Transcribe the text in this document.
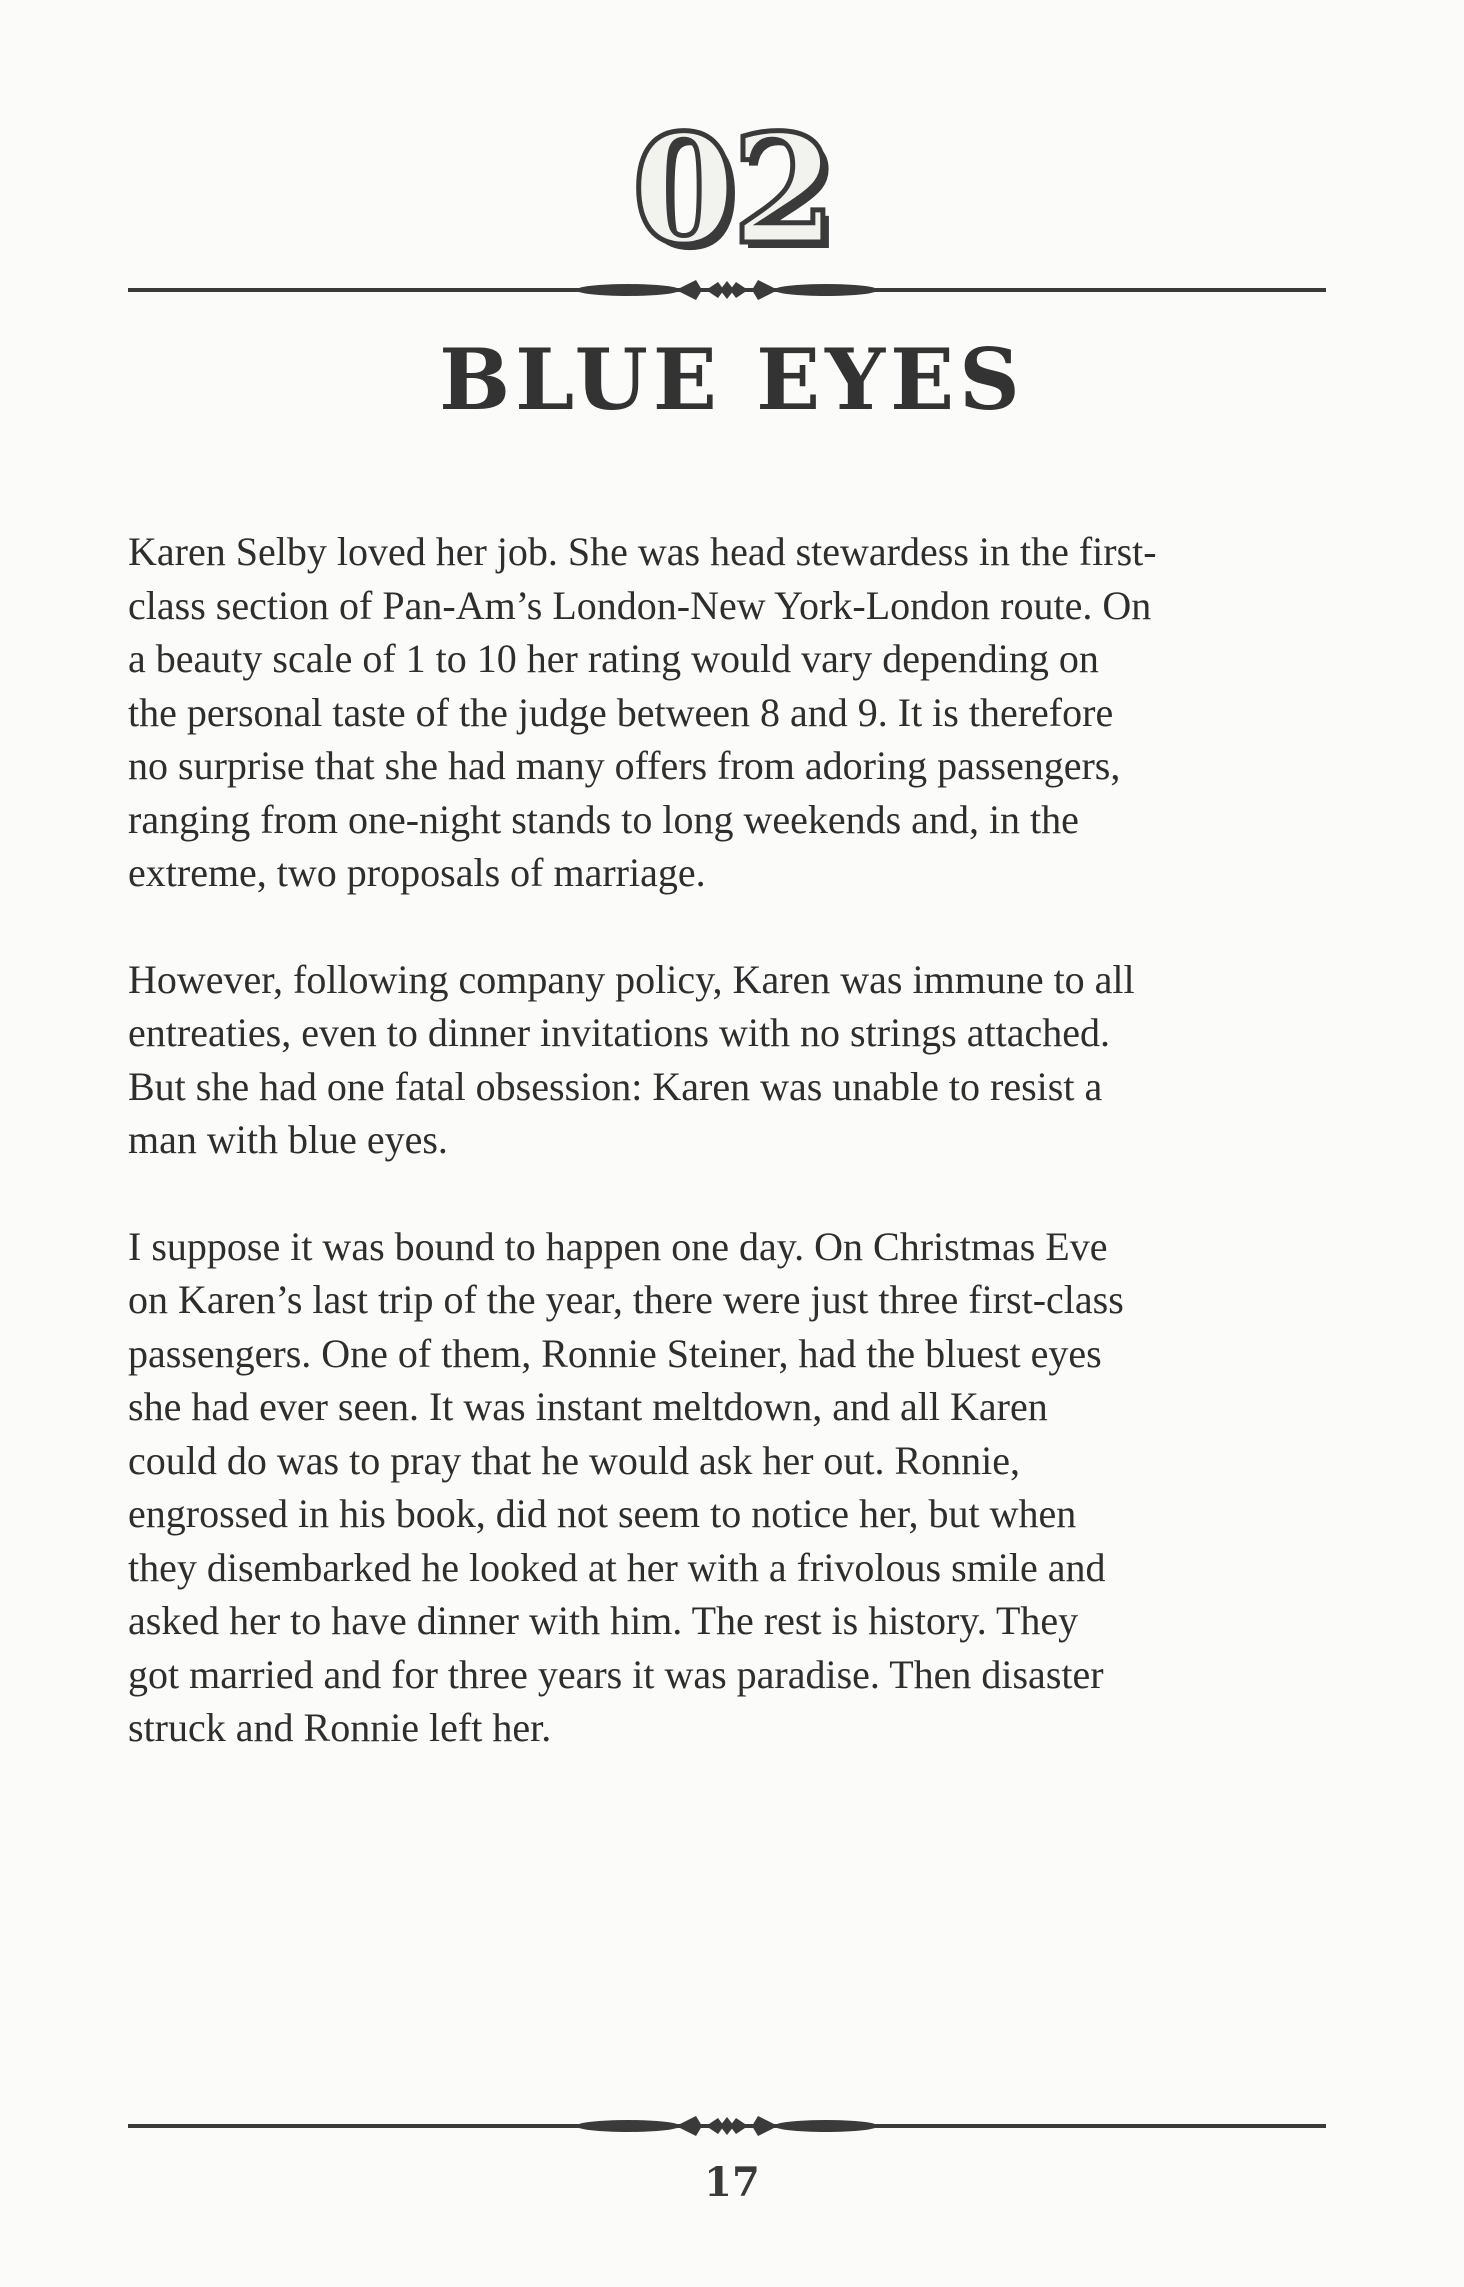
02
BLUE EYES

Karen Selby loved her job. She was head stewardess in the first-
class section of Pan-Am’s London-New York-London route. On
a beauty scale of 1 to 10 her rating would vary depending on
the personal taste of the judge between 8 and 9. It is therefore
no surprise that she had many offers from adoring passengers,
ranging from one-night stands to long weekends and, in the
extreme, two proposals of marriage.

However, following company policy, Karen was immune to all
entreaties, even to dinner invitations with no strings attached.
But she had one fatal obsession: Karen was unable to resist a
man with blue eyes.

I suppose it was bound to happen one day. On Christmas Eve
on Karen’s last trip of the year, there were just three first-class
passengers. One of them, Ronnie Steiner, had the bluest eyes
she had ever seen. It was instant meltdown, and all Karen
could do was to pray that he would ask her out. Ronnie,
engrossed in his book, did not seem to notice her, but when
they disembarked he looked at her with a frivolous smile and
asked her to have dinner with him. The rest is history. They
got married and for three years it was paradise. Then disaster
struck and Ronnie left her.

17
